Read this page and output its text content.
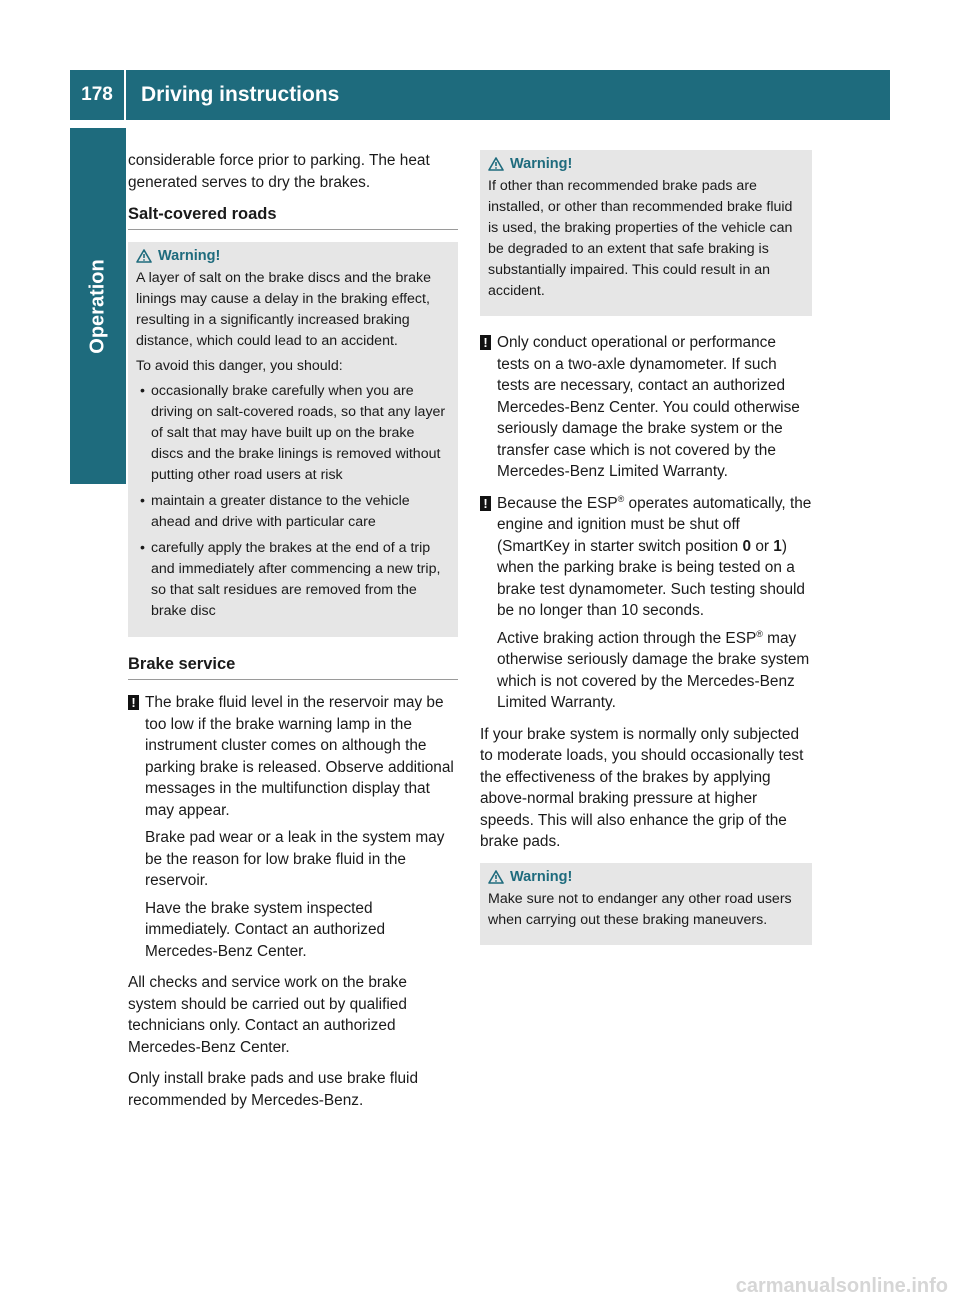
178	Driving instructions
Operation

considerable force prior to parking. The heat generated serves to dry the brakes.

Salt-covered roads
Warning!

A layer of salt on the brake discs and the brake linings may cause a delay in the braking effect, resulting in a significantly increased braking distance, which could lead to an accident.

To avoid this danger, you should:

• occasionally brake carefully when you are driving on salt-covered roads, so that any layer of salt that may have built up on the brake discs and the brake linings is removed without putting other road users at risk
• maintain a greater distance to the vehicle ahead and drive with particular care
• carefully apply the brakes at the end of a trip and immediately after commencing a new trip, so that salt residues are removed from the brake disc
Brake service
! The brake fluid level in the reservoir may be too low if the brake warning lamp in the instrument cluster comes on although the parking brake is released. Observe additional messages in the multifunction display that may appear.

Brake pad wear or a leak in the system may be the reason for low brake fluid in the reservoir.

Have the brake system inspected immediately. Contact an authorized Mercedes-Benz Center.

All checks and service work on the brake system should be carried out by qualified technicians only. Contact an authorized Mercedes-Benz Center.

Only install brake pads and use brake fluid recommended by Mercedes-Benz.

Warning!

If other than recommended brake pads are installed, or other than recommended brake fluid is used, the braking properties of the vehicle can be degraded to an extent that safe braking is substantially impaired. This could result in an accident.

! Only conduct operational or performance tests on a two-axle dynamometer. If such tests are necessary, contact an authorized Mercedes-Benz Center. You could otherwise seriously damage the brake system or the transfer case which is not covered by the Mercedes-Benz Limited Warranty.

! Because the ESP® operates automatically, the engine and ignition must be shut off (SmartKey in starter switch position 0 or 1) when the parking brake is being tested on a brake test dynamometer. Such testing should be no longer than 10 seconds.

Active braking action through the ESP® may otherwise seriously damage the brake system which is not covered by the Mercedes-Benz Limited Warranty.

If your brake system is normally only subjected to moderate loads, you should occasionally test the effectiveness of the brakes by applying above-normal braking pressure at higher speeds. This will also enhance the grip of the brake pads.

Warning!

Make sure not to endanger any other road users when carrying out these braking maneuvers.

carmanualsonline.info
